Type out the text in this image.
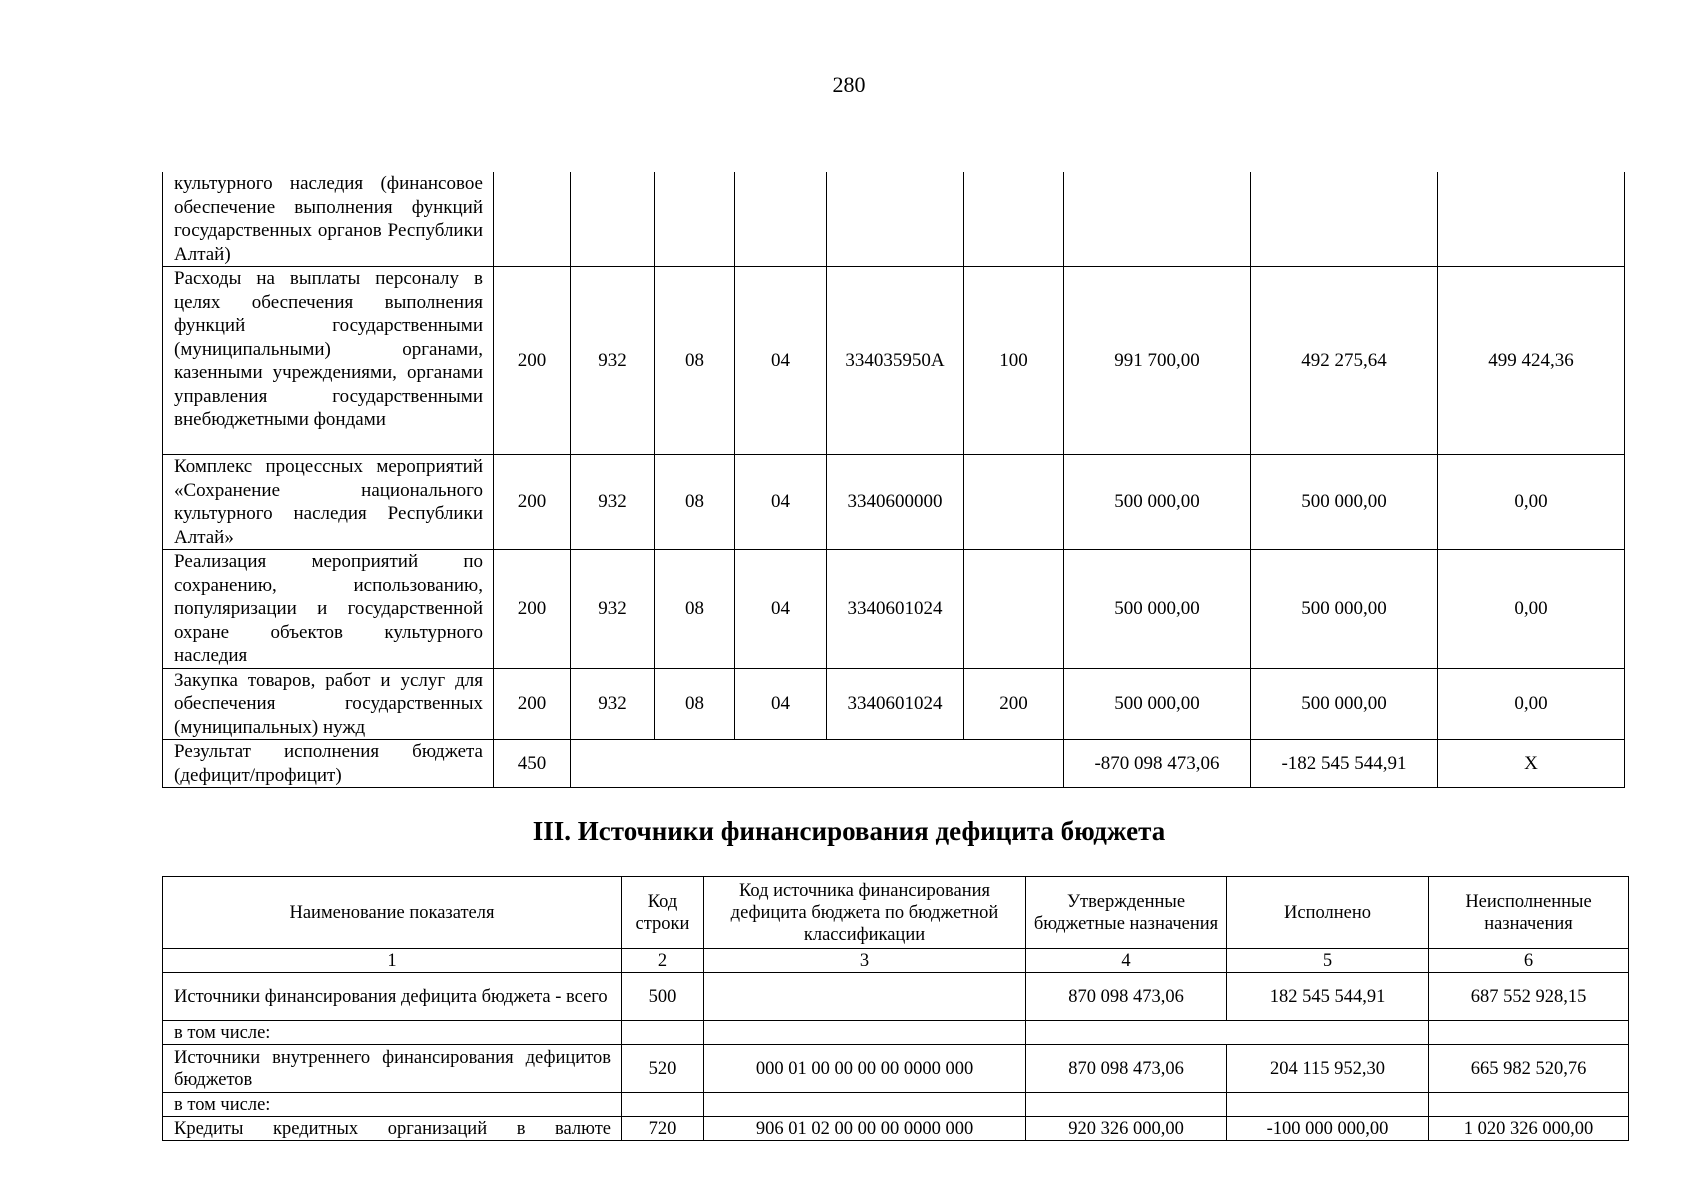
280
культурного наследия (финансовое обеспечение выполнения функций государственных органов Республики Алтай)									
Расходы на выплаты персоналу в целях обеспечения выполнения функций государственными (муниципальными) органами, казенными учреждениями, органами управления государственными внебюджетными фондами	200	932	08	04	334035950А	100	991 700,00	492 275,64	499 424,36
Комплекс процессных мероприятий «Сохранение национального культурного наследия Республики Алтай»	200	932	08	04	3340600000		500 000,00	500 000,00	0,00
Реализация мероприятий по сохранению, использованию, популяризации и государственной охране объектов культурного наследия	200	932	08	04	3340601024		500 000,00	500 000,00	0,00
Закупка товаров, работ и услуг для обеспечения государственных (муниципальных) нужд	200	932	08	04	3340601024	200	500 000,00	500 000,00	0,00
Результат исполнения бюджета (дефицит/профицит)	450						-870 098 473,06	-182 545 544,91	Х
III. Источники финансирования дефицита бюджета
Наименование показателя	Код строки	Код источника финансирования дефицита бюджета по бюджетной классификации	Утвержденные бюджетные назначения	Исполнено	Неисполненные назначения
1	2	3	4	5	6
Источники финансирования дефицита бюджета - всего	500		870 098 473,06	182 545 544,91	687 552 928,15
в том числе:					
Источники внутреннего финансирования дефицитов бюджетов	520	000 01 00 00 00 00 0000 000	870 098 473,06	204 115 952,30	665 982 520,76
в том числе:					
Кредиты кредитных организаций в валюте	720	906 01 02 00 00 00 0000 000	920 326 000,00	-100 000 000,00	1 020 326 000,00
